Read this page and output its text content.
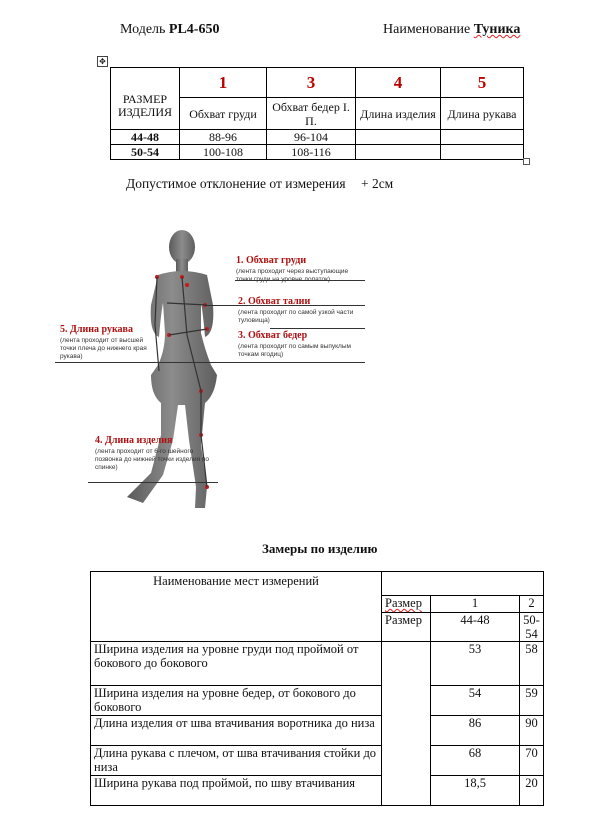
Модель PL4-650	Наименование Туника
✥
РАЗМЕР ИЗДЕЛИЯ	1	3	4	5
	Обхват груди	Обхват бедер I. П.	Длина изделия	Длина рукава
44-48	88-96	96-104		
50-54	100-108	108-116		
Допустимое отклонение от измерения + 2см
1. Обхват груди
(лента проходит через выступающие точки груди на уровне лопаток)
2. Обхват талии
(лента проходит по самой узкой части туловища)
3. Обхват бедер
(лента проходит по самым выпуклым точкам ягодиц)
5. Длина рукава
(лента проходит от высшей точки плеча до нижнего края рукава)
4. Длина изделия
(лента проходит от 6-го шейного позвонка до нижней точки изделия по спинке)
Замеры по изделию
Наименование мест измерений			
	Размер	1	2
	Размер	44-48	50-54
Ширина изделия на уровне груди под проймой от бокового до бокового		53	58
Ширина изделия на уровне бедер, от бокового до бокового		54	59
Длина изделия от шва втачивания воротника до низа		86	90
Длина рукава с плечом, от шва втачивания стойки до низа		68	70
Ширина рукава под проймой, по шву втачивания		18,5	20
